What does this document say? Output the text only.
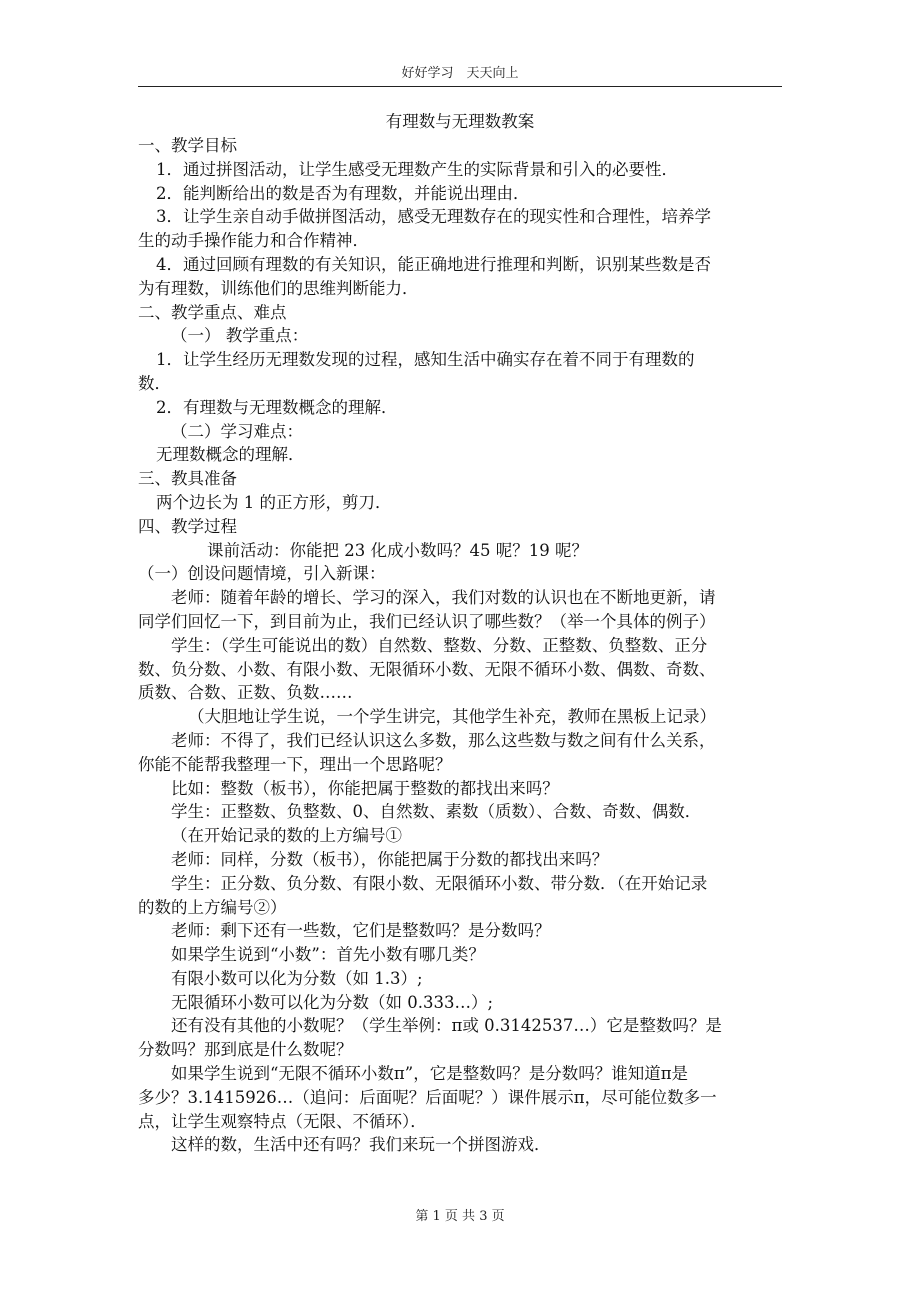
好好学习　天天向上
有理数与无理数教案
一、教学目标
1．通过拼图活动，让学生感受无理数产生的实际背景和引入的必要性．
2．能判断给出的数是否为有理数，并能说出理由．
3．让学生亲自动手做拼图活动，感受无理数存在的现实性和合理性，培养学
生的动手操作能力和合作精神．
4．通过回顾有理数的有关知识，能正确地进行推理和判断，识别某些数是否
为有理数，训练他们的思维判断能力．
二、教学重点、难点
（一） 教学重点：
1．让学生经历无理数发现的过程，感知生活中确实存在着不同于有理数的
数．
2．有理数与无理数概念的理解．
（二）学习难点：
无理数概念的理解．
三、教具准备
两个边长为 1 的正方形，剪刀．
四、教学过程
课前活动：你能把 23 化成小数吗？45 呢？19 呢？
（一）创设问题情境，引入新课：
老师：随着年龄的增长、学习的深入，我们对数的认识也在不断地更新，请
同学们回忆一下，到目前为止，我们已经认识了哪些数？（举一个具体的例子）
学生：（学生可能说出的数）自然数、整数、分数、正整数、负整数、正分
数、负分数、小数、有限小数、无限循环小数、无限不循环小数、偶数、奇数、
质数、合数、正数、负数……
（大胆地让学生说，一个学生讲完，其他学生补充，教师在黑板上记录）
老师：不得了，我们已经认识这么多数，那么这些数与数之间有什么关系，
你能不能帮我整理一下，理出一个思路呢？
比如：整数（板书），你能把属于整数的都找出来吗？
学生：正整数、负整数、0、自然数、素数（质数）、合数、奇数、偶数．
（在开始记录的数的上方编号①
老师：同样，分数（板书），你能把属于分数的都找出来吗？
学生：正分数、负分数、有限小数、无限循环小数、带分数．（在开始记录
的数的上方编号②）
老师：剩下还有一些数，它们是整数吗？是分数吗？
如果学生说到“小数”：首先小数有哪几类？
有限小数可以化为分数（如 1.3）;
无限循环小数可以化为分数（如 0.333…）;
还有没有其他的小数呢？（学生举例：π或 0.3142537…）它是整数吗？是
分数吗？那到底是什么数呢？
如果学生说到“无限不循环小数π”，它是整数吗？是分数吗？谁知道π是
多少？3.1415926…（追问：后面呢？后面呢？）课件展示π，尽可能位数多一
点，让学生观察特点（无限、不循环）．
这样的数，生活中还有吗？我们来玩一个拼图游戏．
第 1 页 共 3 页
